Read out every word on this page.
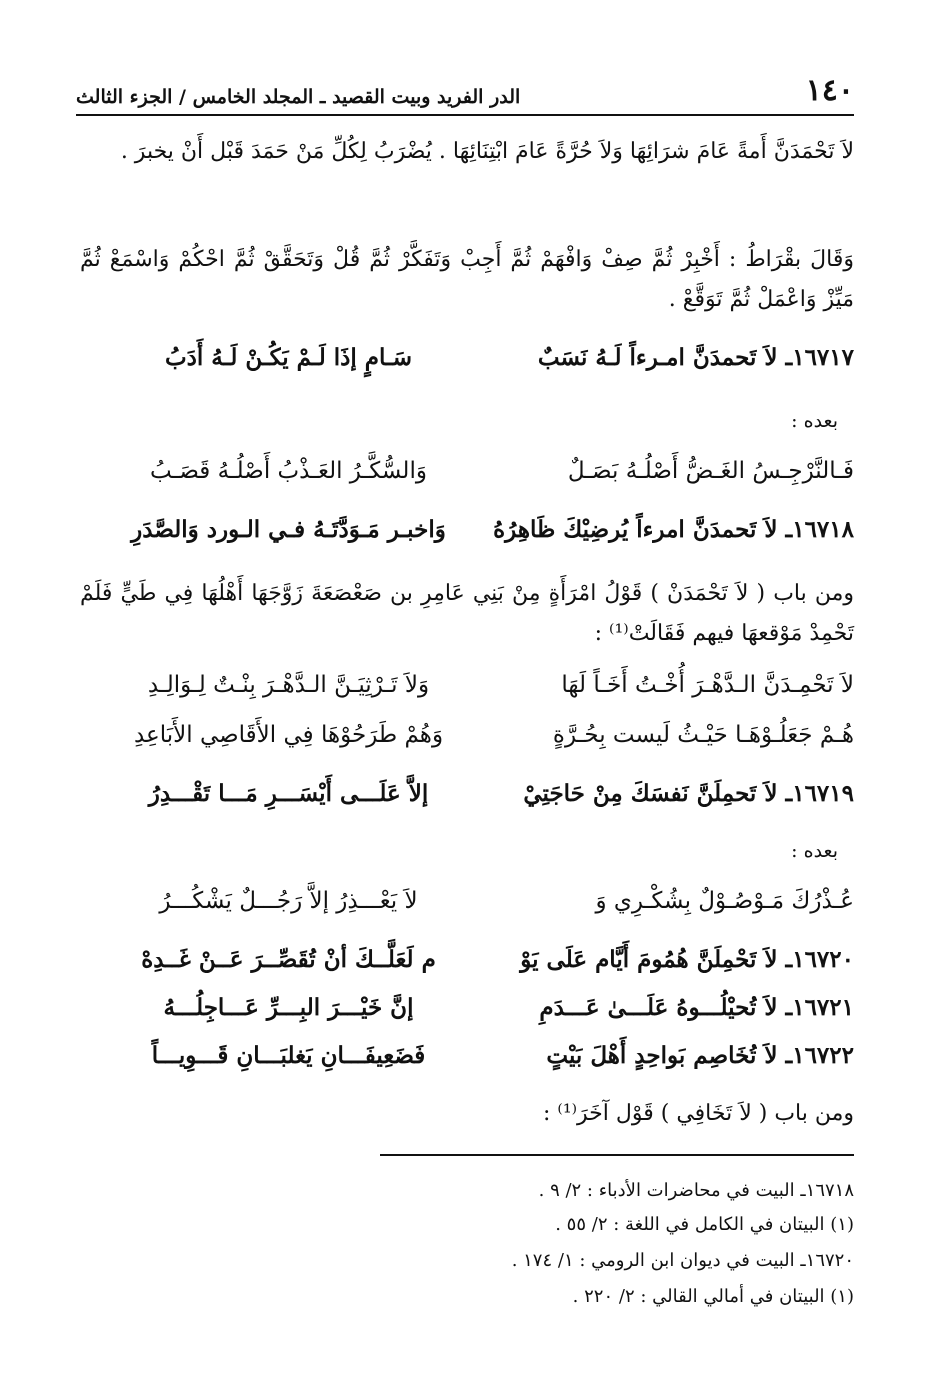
١٤٠
الدر الفريد وبيت القصيد ـ المجلد الخامس / الجزء الثالث
لاَ تَحْمَدَنَّ أَمةً عَامَ شرَائِهَا وَلاَ حُرَّةً عَامَ ابْتِنَائِهَا . يُضْرَبُ لِكُلِّ مَنْ حَمَدَ قَبْل أَنْ يخبرَ .
وَقَالَ بقْرَاطُ : أَخْبِرْ ثُمَّ صِفْ وَافْهَمْ ثُمَّ أَجِبْ وَتَفَكَّرْ ثُمَّ قُلْ وَتَحَقَّقْ ثُمَّ احْكُمْ وَاسْمَعْ ثُمَّ مَيِّزْ وَاعْمَلْ ثُمَّ تَوَقَّعْ .
١٦٧١٧ـ لاَ تَحمدَنَّ امـرءاً لَـهُ نَسَبٌ
سَـامٍ إذَا لَـمْ يَكُـنْ لَـهُ أَدَبُ
بعده :
فَـالنَّرْجِـسُ الغَـضُّ أَصْلُـهُ بَصَـلٌ
وَالسُّكَّـرُ العَـذْبُ أَصْلُـهُ قَصَـبُ
١٦٧١٨ـ لاَ تَحمدَنَّ امرءاً يُرضِيْكَ ظَاهِرُهُ
وَاخبـر مَـوَدَّتَـهُ فـي الـورد وَالصَّدَرِ
ومن باب ( لاَ تَحْمَدَنْ ) قَوْلُ امْرَأَةٍ مِنْ بَنِي عَامِرِ بن صَعْصَعَةَ زَوَّجَهَا أَهْلُهَا فِي طَيٍّ فَلَمْ تَحْمِدْ مَوْقعهَا فيهم فَقَالَتْ⁽¹⁾ :
لاَ تَحْمِـدَنَّ الـدَّهْـرَ أُخْـتُ أَخَـاً لَهَا
وَلاَ تَـرْثِيَـنَّ الـدَّهْـرَ بِنْـتٌ لِـوَالِـدِ
هُـمْ جَعَلُـوْهَـا حَيْـثُ لَيست بِحُـرَّةٍ
وَهُمْ طَرَحُوْهَا فِي الأَقَاصِي الأَبَاعِدِ
١٦٧١٩ـ لاَ تَحمِلَنَّ نَفسَكَ مِنْ حَاجَتِيْ
إلاَّ عَلَـــى أَيْسَـــرِ مَـــا تَقْـــدِرُ
بعده :
عُـذْرُكَ مَـوْصُـوْلٌ بِشُكْـرِي وَ
لاَ يَعْـــذِرُ إلاَّ رَجُـــلٌ يَشْكُـــرُ
١٦٧٢٠ـ لاَ تَحْمِلَنَّ هُمُومَ أَيَّام عَلَى يَوْ
م لَعَلَّــكَ أنْ تُقَصِّــرَ عَــنْ غَــدِهْ
١٦٧٢١ـ لاَ تُحيْلُـــوهُ عَلَـــىٰ عَـــدَمِ
إنَّ خَيْـــرَ البِـــرِّ عَـــاجِلُـــهُ
١٦٧٢٢ـ لاَ تُخَاصِم بَواحِدٍ أَهْلَ بَيْتٍ
فَضَعِيفَـــانِ يَغلبَـــانِ قَـــوِيـــاً
ومن باب ( لاَ تَخَافِي ) قَوْل آخَرَ⁽¹⁾ :
١٦٧١٨ـ البيت في محاضرات الأدباء : ٢/ ٩ .
(١) البيتان في الكامل في اللغة : ٢/ ٥٥ .
١٦٧٢٠ـ البيت في ديوان ابن الرومي : ١/ ١٧٤ .
(١) البيتان في أمالي القالي : ٢/ ٢٢٠ .
